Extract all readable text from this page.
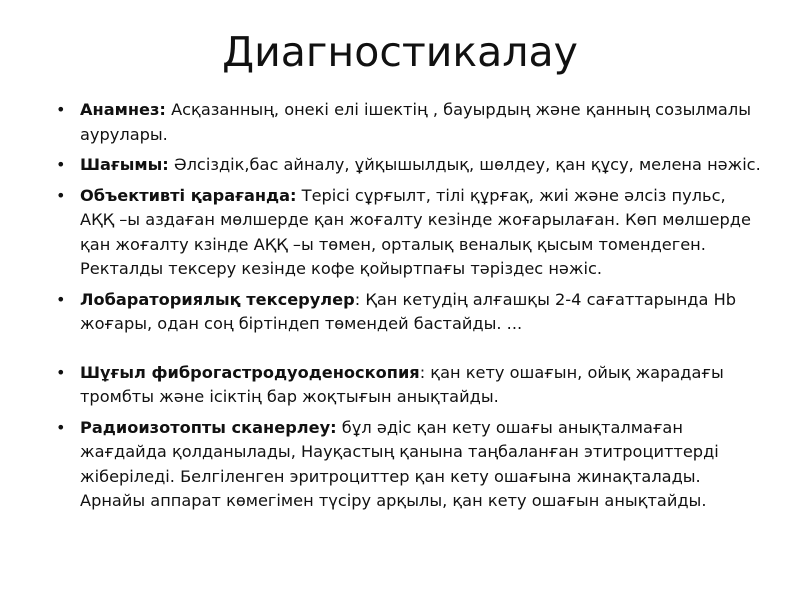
Диагностикалау
• Анамнез: Асқазанның, онекі елі ішектің , бауырдың және қанның созылмалы аурулары.
• Шағымы: Әлсіздік,бас айналу, ұйқышылдық, шөлдеу, қан құсу, мелена нәжіс.
• Объективті қарағанда: Терісі сұрғылт, тілі құрғақ, жиі және әлсіз пульс, АҚҚ –ы аздаған мөлшерде қан жоғалту кезінде жоғарылаған. Көп мөлшерде қан жоғалту кзінде АҚҚ –ы төмен, орталық веналық қысым томендеген. Ректалды тексеру кезінде кофе қойыртпағы тәріздес нәжіс.
• Лобараториялық тексерулер: Қан кетудің алғашқы 2-4 сағаттарында Hb жоғары, одан соң біртіндеп төмендей бастайды. ...
• Шұғыл фиброгастродуоденоскопия: қан кету ошағын, ойық жарадағы тромбты және ісіктің бар жоқтығын анықтайды.
• Радиоизотопты сканерлеу: бұл әдіс қан кету ошағы анықталмаған жағдайда қолданылады, Науқастың қанына таңбаланған этитроциттерді жіберіледі. Белгіленген эритроциттер қан кету ошағына жинақталады. Арнайы аппарат көмегімен түсіру арқылы, қан кету ошағын анықтайды.
